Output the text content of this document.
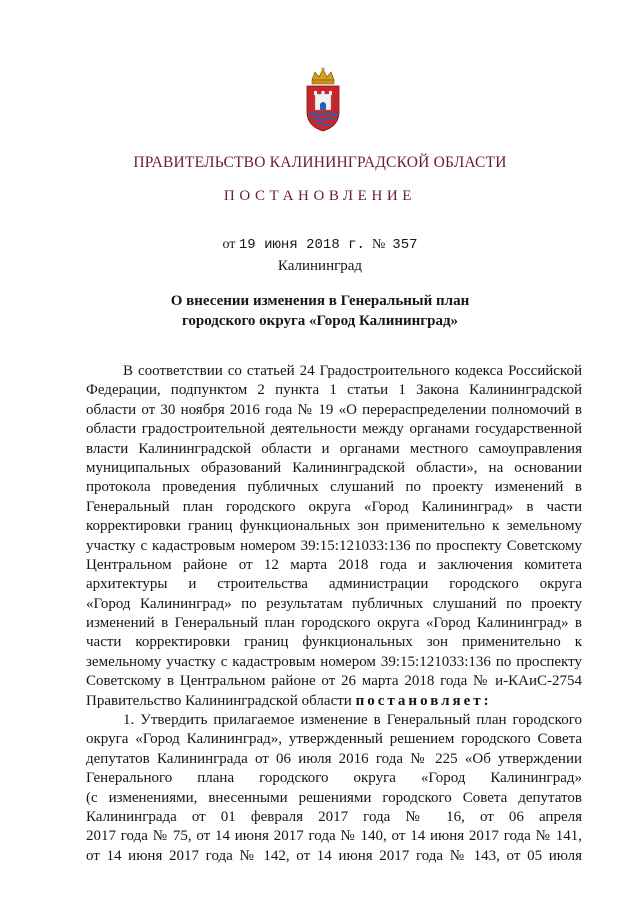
ПРАВИТЕЛЬСТВО КАЛИНИНГРАДСКОЙ ОБЛАСТИ
ПОСТАНОВЛЕНИЕ
от 19 июня 2018 г. № 357
Калининград
О внесении изменения в Генеральный план
городского округа «Город Калининград»
В соответствии со статьей 24 Градостроительного кодекса Российской
Федерации, подпунктом 2 пункта 1 статьи 1 Закона Калининградской
области от 30 ноября 2016 года № 19 «О перераспределении полномочий в
области градостроительной деятельности между органами государственной
власти Калининградской области и органами местного самоуправления
муниципальных образований Калининградской области», на основании
протокола проведения публичных слушаний по проекту изменений в
Генеральный план городского округа «Город Калининград» в части
корректировки границ функциональных зон применительно к земельному
участку с кадастровым номером 39:15:121033:136 по проспекту Советскому
Центральном районе от 12 марта 2018 года и заключения комитета
архитектуры и строительства администрации городского округа
«Город Калининград» по результатам публичных слушаний по проекту
изменений в Генеральный план городского округа «Город Калининград» в
части корректировки границ функциональных зон применительно к
земельному участку с кадастровым номером 39:15:121033:136 по проспекту
Советскому в Центральном районе от 26 марта 2018 года № и-КАиС-2754
Правительство Калининградской области постановляет:
1. Утвердить прилагаемое изменение в Генеральный план городского
округа «Город Калининград», утвержденный решением городского Совета
депутатов Калининграда от 06 июля 2016 года № 225 «Об утверждении
Генерального плана городского округа «Город Калининград»
(с изменениями, внесенными решениями городского Совета депутатов
Калининграда от 01 февраля 2017 года № 16, от 06 апреля
2017 года № 75, от 14 июня 2017 года № 140, от 14 июня 2017 года № 141,
от 14 июня 2017 года № 142, от 14 июня 2017 года № 143, от 05 июля
